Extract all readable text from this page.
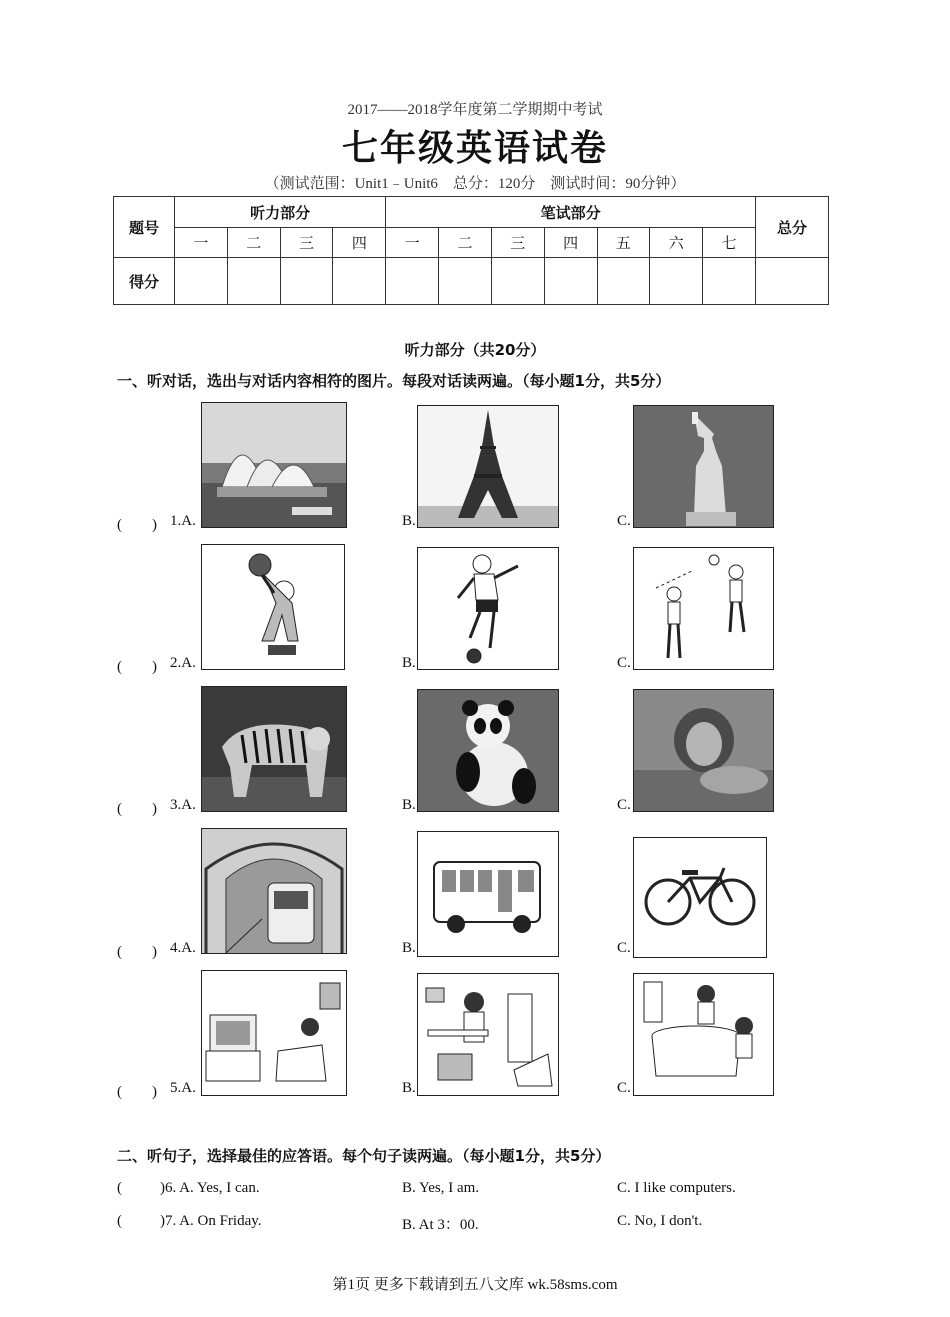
2017——2018学年度第二学期期中考试
七年级英语试卷
（测试范围：Unit1﹣Unit6　总分：120分　测试时间：90分钟）
题号	听力部分				笔试部分							总分
	一	二	三	四	一	二	三	四	五	六	七	
得分												
听力部分（共20分）
一、听对话，选出与对话内容相符的图片。每段对话读两遍。（每小题1分，共5分）
(　　) 1.A.	B.	C.
(　　) 2.A.	B.	C.
(　　) 3.A.	B.	C.
(　　) 4.A.	B.	C.
(　　) 5.A.	B.	C.
二、听句子，选择最佳的应答语。每个句子读两遍。（每小题1分，共5分）
(	)6. A. Yes, I can.	B. Yes, I am.	C. I like computers.
(	)7. A. On Friday.	B. At 3：00.	C. No, I don't.
第1页 更多下载请到五八文库 wk.58sms.com
